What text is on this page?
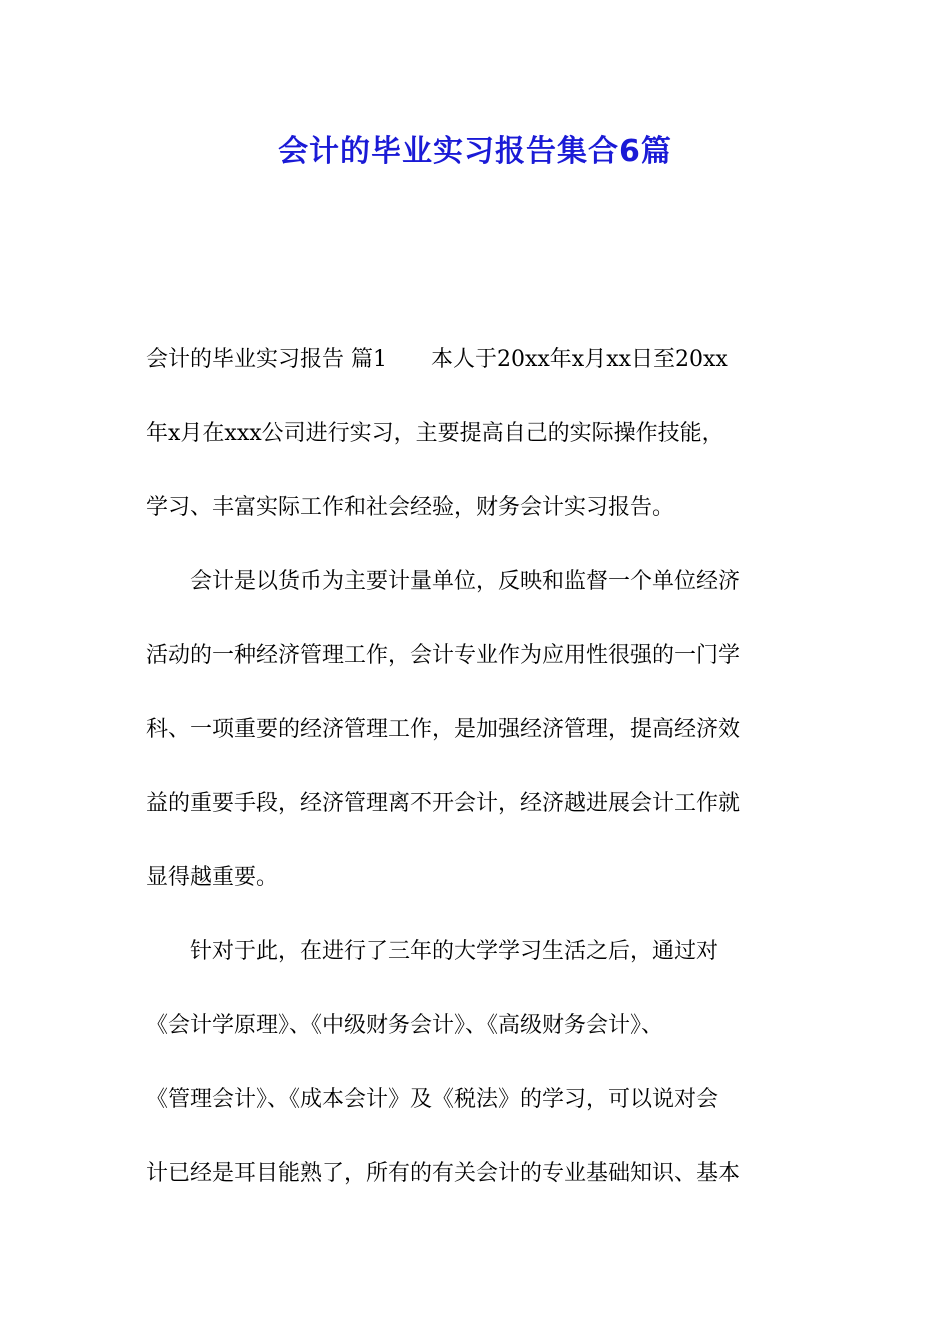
会计的毕业实习报告集合6篇
会计的毕业实习报告 篇1　　本人于20xx年x月xx日至20xx
年x月在xxx公司进行实习，主要提高自己的实际操作技能，
学习、丰富实际工作和社会经验，财务会计实习报告。
　　会计是以货币为主要计量单位，反映和监督一个单位经济
活动的一种经济管理工作，会计专业作为应用性很强的一门学
科、一项重要的经济管理工作，是加强经济管理，提高经济效
益的重要手段，经济管理离不开会计，经济越进展会计工作就
显得越重要。
　　针对于此，在进行了三年的大学学习生活之后，通过对
《会计学原理》、《中级财务会计》、《高级财务会计》、
《管理会计》、《成本会计》及《税法》的学习，可以说对会
计已经是耳目能熟了，所有的有关会计的专业基础知识、基本
